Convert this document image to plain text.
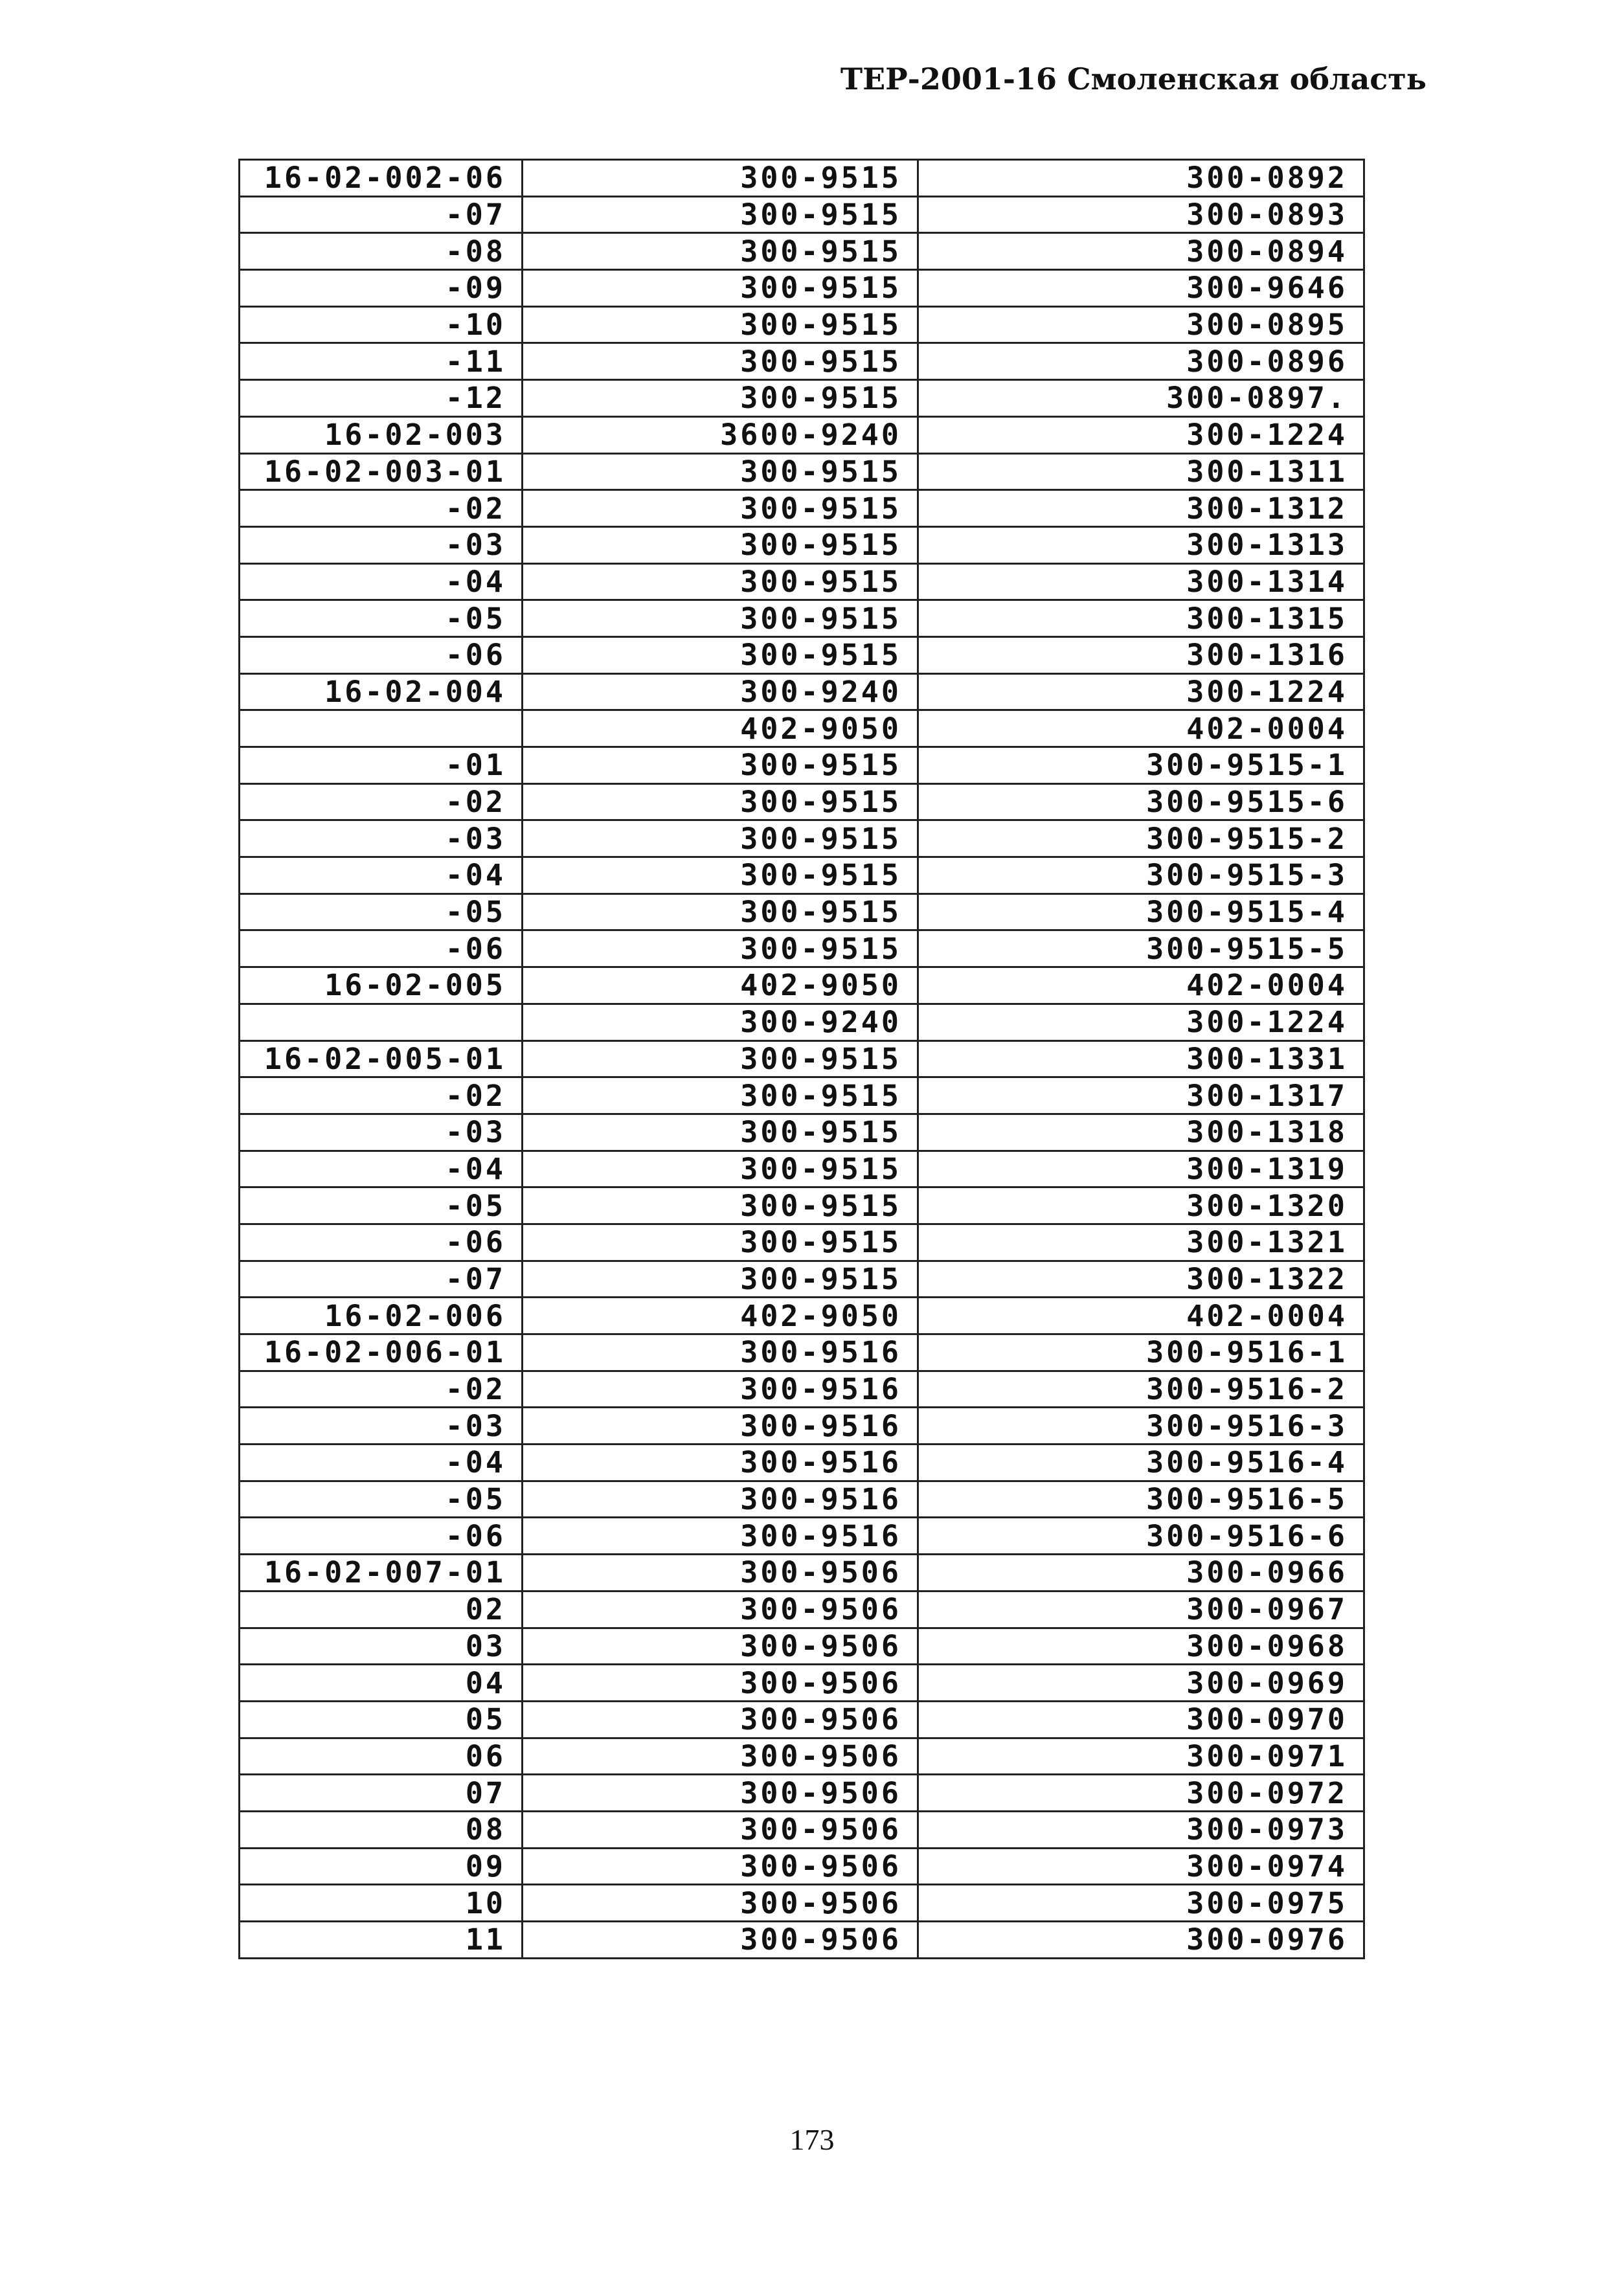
ТЕР-2001-16 Смоленская область
16-02-002-06	300-9515	300-0892
-07	300-9515	300-0893
-08	300-9515	300-0894
-09	300-9515	300-9646
-10	300-9515	300-0895
-11	300-9515	300-0896
-12	300-9515	300-0897.
16-02-003	3600-9240	300-1224
16-02-003-01	300-9515	300-1311
-02	300-9515	300-1312
-03	300-9515	300-1313
-04	300-9515	300-1314
-05	300-9515	300-1315
-06	300-9515	300-1316
16-02-004	300-9240	300-1224
	402-9050	402-0004
-01	300-9515	300-9515-1
-02	300-9515	300-9515-6
-03	300-9515	300-9515-2
-04	300-9515	300-9515-3
-05	300-9515	300-9515-4
-06	300-9515	300-9515-5
16-02-005	402-9050	402-0004
	300-9240	300-1224
16-02-005-01	300-9515	300-1331
-02	300-9515	300-1317
-03	300-9515	300-1318
-04	300-9515	300-1319
-05	300-9515	300-1320
-06	300-9515	300-1321
-07	300-9515	300-1322
16-02-006	402-9050	402-0004
16-02-006-01	300-9516	300-9516-1
-02	300-9516	300-9516-2
-03	300-9516	300-9516-3
-04	300-9516	300-9516-4
-05	300-9516	300-9516-5
-06	300-9516	300-9516-6
16-02-007-01	300-9506	300-0966
02	300-9506	300-0967
03	300-9506	300-0968
04	300-9506	300-0969
05	300-9506	300-0970
06	300-9506	300-0971
07	300-9506	300-0972
08	300-9506	300-0973
09	300-9506	300-0974
10	300-9506	300-0975
11	300-9506	300-0976
173
